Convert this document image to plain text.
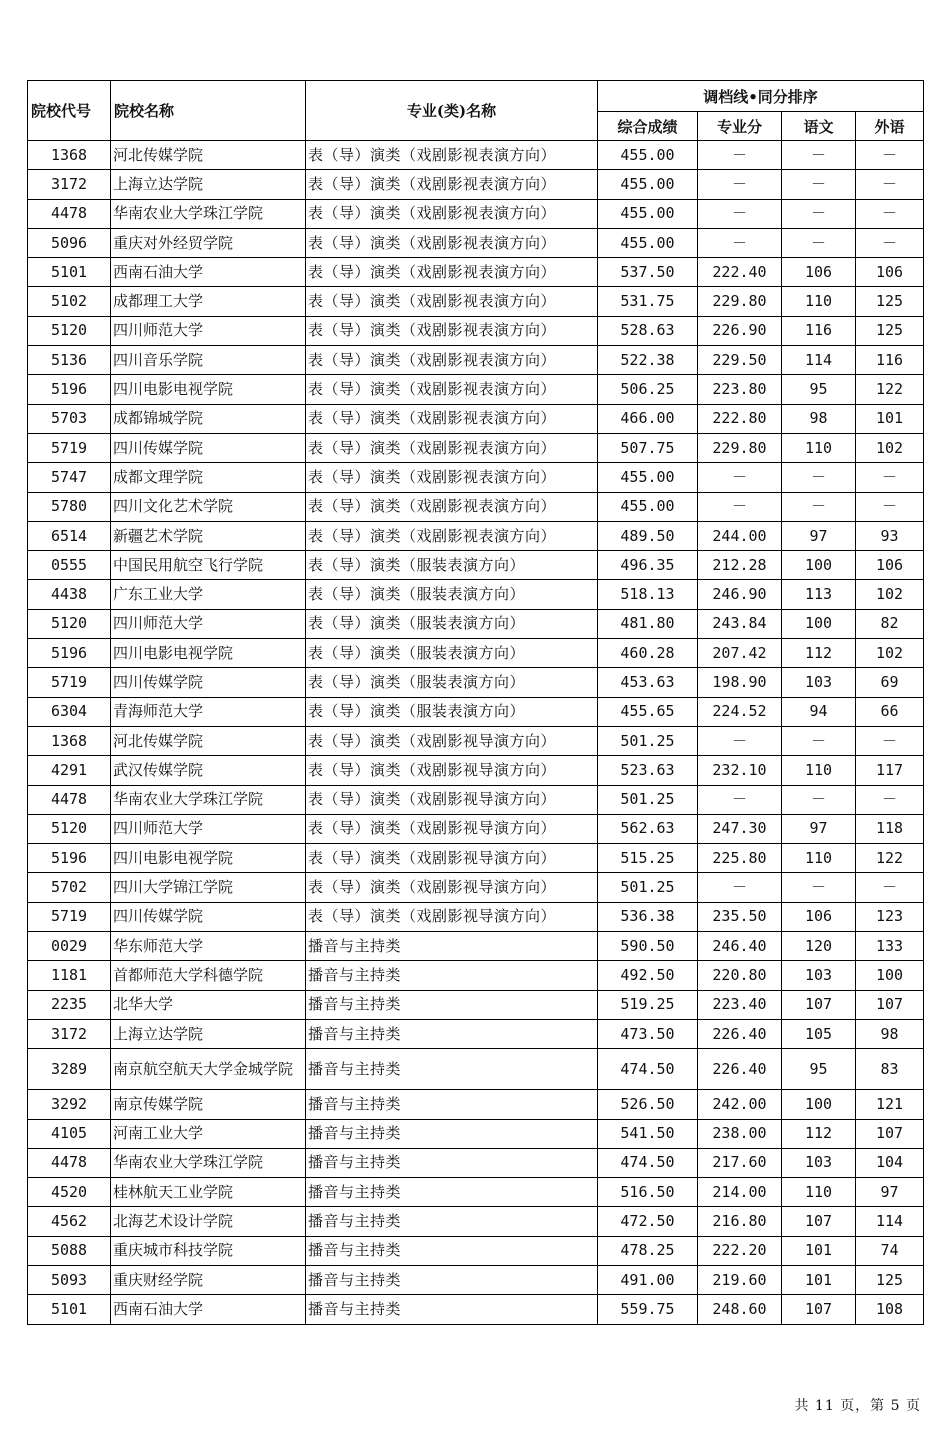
院校代号	院校名称	专业(类)名称	调档线•同分排序			
			综合成绩	专业分	语文	外语
1368	河北传媒学院	表（导）演类（戏剧影视表演方向）	455.00	－	－	－
3172	上海立达学院	表（导）演类（戏剧影视表演方向）	455.00	－	－	－
4478	华南农业大学珠江学院	表（导）演类（戏剧影视表演方向）	455.00	－	－	－
5096	重庆对外经贸学院	表（导）演类（戏剧影视表演方向）	455.00	－	－	－
5101	西南石油大学	表（导）演类（戏剧影视表演方向）	537.50	222.40	106	106
5102	成都理工大学	表（导）演类（戏剧影视表演方向）	531.75	229.80	110	125
5120	四川师范大学	表（导）演类（戏剧影视表演方向）	528.63	226.90	116	125
5136	四川音乐学院	表（导）演类（戏剧影视表演方向）	522.38	229.50	114	116
5196	四川电影电视学院	表（导）演类（戏剧影视表演方向）	506.25	223.80	95	122
5703	成都锦城学院	表（导）演类（戏剧影视表演方向）	466.00	222.80	98	101
5719	四川传媒学院	表（导）演类（戏剧影视表演方向）	507.75	229.80	110	102
5747	成都文理学院	表（导）演类（戏剧影视表演方向）	455.00	－	－	－
5780	四川文化艺术学院	表（导）演类（戏剧影视表演方向）	455.00	－	－	－
6514	新疆艺术学院	表（导）演类（戏剧影视表演方向）	489.50	244.00	97	93
0555	中国民用航空飞行学院	表（导）演类（服装表演方向）	496.35	212.28	100	106
4438	广东工业大学	表（导）演类（服装表演方向）	518.13	246.90	113	102
5120	四川师范大学	表（导）演类（服装表演方向）	481.80	243.84	100	82
5196	四川电影电视学院	表（导）演类（服装表演方向）	460.28	207.42	112	102
5719	四川传媒学院	表（导）演类（服装表演方向）	453.63	198.90	103	69
6304	青海师范大学	表（导）演类（服装表演方向）	455.65	224.52	94	66
1368	河北传媒学院	表（导）演类（戏剧影视导演方向）	501.25	－	－	－
4291	武汉传媒学院	表（导）演类（戏剧影视导演方向）	523.63	232.10	110	117
4478	华南农业大学珠江学院	表（导）演类（戏剧影视导演方向）	501.25	－	－	－
5120	四川师范大学	表（导）演类（戏剧影视导演方向）	562.63	247.30	97	118
5196	四川电影电视学院	表（导）演类（戏剧影视导演方向）	515.25	225.80	110	122
5702	四川大学锦江学院	表（导）演类（戏剧影视导演方向）	501.25	－	－	－
5719	四川传媒学院	表（导）演类（戏剧影视导演方向）	536.38	235.50	106	123
0029	华东师范大学	播音与主持类	590.50	246.40	120	133
1181	首都师范大学科德学院	播音与主持类	492.50	220.80	103	100
2235	北华大学	播音与主持类	519.25	223.40	107	107
3172	上海立达学院	播音与主持类	473.50	226.40	105	98
3289	南京航空航天大学金城学院	播音与主持类	474.50	226.40	95	83
3292	南京传媒学院	播音与主持类	526.50	242.00	100	121
4105	河南工业大学	播音与主持类	541.50	238.00	112	107
4478	华南农业大学珠江学院	播音与主持类	474.50	217.60	103	104
4520	桂林航天工业学院	播音与主持类	516.50	214.00	110	97
4562	北海艺术设计学院	播音与主持类	472.50	216.80	107	114
5088	重庆城市科技学院	播音与主持类	478.25	222.20	101	74
5093	重庆财经学院	播音与主持类	491.00	219.60	101	125
5101	西南石油大学	播音与主持类	559.75	248.60	107	108
共 11 页，第 5 页
